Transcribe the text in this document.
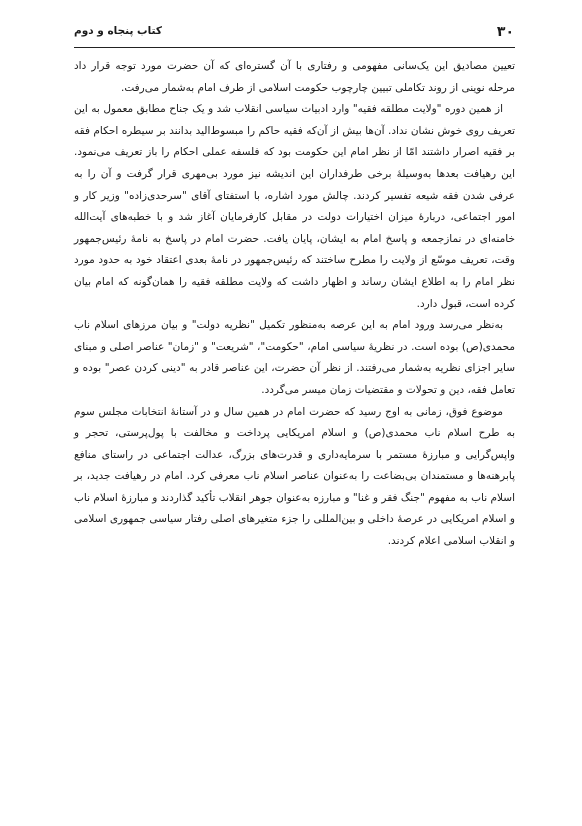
۳۰
کتاب پنجاه و دوم

تعیین مصادیق این یک‌سانی مفهومی و رفتاری با آن گستره‌ای که آن حضرت مورد توجه قرار داد مرحله نوینی از روند تکاملی تبیین چارچوب حکومت اسلامی از طرف امام به‌شمار می‌رفت.

از همین دوره "ولایت مطلقه فقیه" وارد ادبیات سیاسی انقلاب شد و یک جناح مطابق معمول به این تعریف روی خوش نشان نداد. آن‌ها بیش از آن‌که فقیه حاکم را مبسوط‌الید بدانند بر سیطره احکام فقه بر فقیه اصرار داشتند امّا از نظر امام این حکومت بود که فلسفه عملی احکام را باز تعریف می‌نمود. این رهیافت بعدها به‌وسیلهٔ برخی طرفداران این اندیشه نیز مورد بی‌مهری قرار گرفت و آن را به عرفی شدن فقه شیعه تفسیر کردند. چالش مورد اشاره، با استفتای آقای "سرحدی‌زاده" وزیر کار و امور اجتماعی، دربارهٔ میزان اختیارات دولت در مقابل کارفرمایان آغاز شد و با خطبه‌های آیت‌الله خامنه‌ای در نمازجمعه و پاسخ امام به ایشان، پایان یافت. حضرت امام در پاسخ به نامهٔ رئیس‌جمهور وقت، تعریف موسّع از ولایت را مطرح ساختند که رئیس‌جمهور در نامهٔ بعدی اعتقاد خود به حدود مورد نظر امام را به اطلاع ایشان رساند و اظهار داشت که ولایت مطلقه فقیه را همان‌گونه که امام بیان کرده است، قبول دارد.

به‌نظر می‌رسد ورود امام به این عرصه به‌منظور تکمیل "نظریه دولت" و بیان مرزهای اسلام ناب محمدی(ص) بوده است. در نظریهٔ سیاسی امام، "حکومت"، "شریعت" و "زمان" عناصر اصلی و مبنای سایر اجزای نظریه به‌شمار می‌رفتند. از نظر آن حضرت، این عناصر قادر به "دینی کردن عصر" بوده و تعامل فقه، دین و تحولات و مقتضیات زمان میسر می‌گردد.

موضوع فوق، زمانی به اوج رسید که حضرت امام در همین سال و در آستانهٔ انتخابات مجلس سوم به طرح اسلام ناب محمدی(ص) و اسلام امریکایی پرداخت و مخالفت با پول‌پرستی، تحجر و واپس‌گرایی و مبارزهٔ مستمر با سرمایه‌داری و قدرت‌های بزرگ، عدالت اجتماعی در راستای منافع پابرهنه‌ها و مستمندان بی‌بضاعت را به‌عنوان عناصر اسلام ناب معرفی کرد. امام در رهیافت جدید، بر اسلام ناب به مفهوم "جنگ فقر و غنا" و مبارزه به‌عنوان جوهر انقلاب تأکید گذاردند و مبارزهٔ اسلام ناب و اسلام امریکایی در عرصهٔ داخلی و بین‌المللی را جزء متغیرهای اصلی رفتار سیاسی جمهوری اسلامی و انقلاب اسلامی اعلام کردند.
